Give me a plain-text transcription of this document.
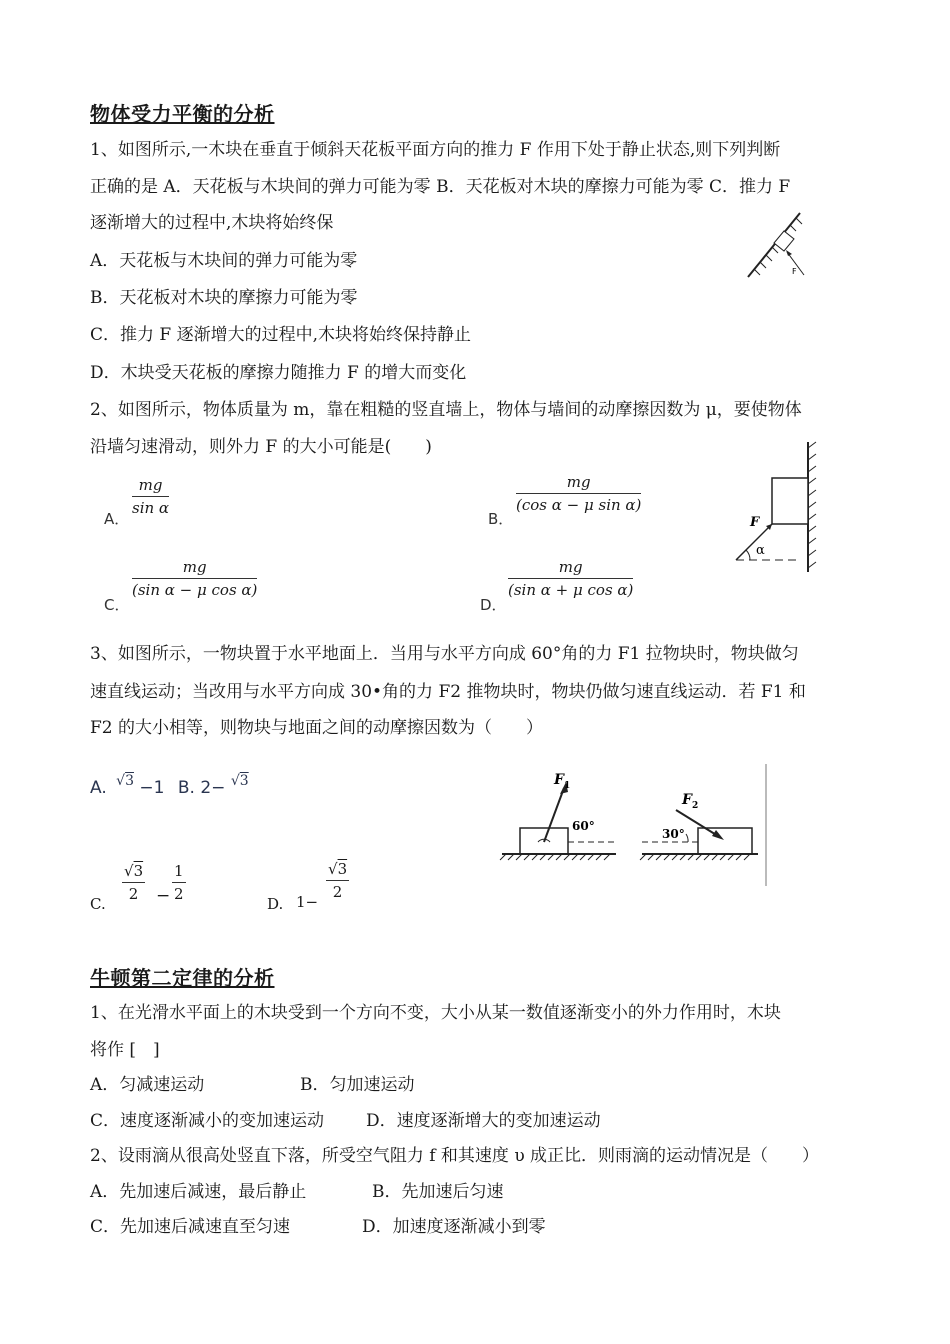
物体受力平衡的分析
1、如图所示,一木块在垂直于倾斜天花板平面方向的推力 F 作用下处于静止状态,则下列判断
正确的是 A．天花板与木块间的弹力可能为零 B．天花板对木块的摩擦力可能为零 C．推力 F
逐渐增大的过程中,木块将始终保
A．天花板与木块间的弹力可能为零
B．天花板对木块的摩擦力可能为零
C．推力 F 逐渐增大的过程中,木块将始终保持静止
D．木块受天花板的摩擦力随推力 F 的增大而变化
F
2、如图所示，物体质量为 m，靠在粗糙的竖直墙上，物体与墙间的动摩擦因数为 μ，要使物体
沿墙匀速滑动，则外力 F 的大小可能是(　　)
A．
$\frac{mg}{\text{sin α}}$
B．
$\frac{mg}{\text{(cos α − μ sin α)}}$
C．
$\frac{mg}{\text{(sin α − μ cos α)}}$
D．
$\frac{mg}{\text{(sin α + μ cos α)}}$
F
α
3、如图所示，一物块置于水平地面上．当用与水平方向成 60°角的力 F1 拉物块时，物块做匀
速直线运动；当改用与水平方向成 30•角的力 F2 推物块时，物块仍做匀速直线运动．若 F1 和
F2 的大小相等，则物块与地面之间的动摩擦因数为（　　）
A. $^{√3}$ −1 B. 2− $^{√3}$
C.
$\frac{√3}{2} - \frac{1}{2}$
D. 1−
$\frac{√3}{2}$
F 1
60°
F 2
30°
牛顿第二定律的分析
1、在光滑水平面上的木块受到一个方向不变，大小从某一数值逐渐变小的外力作用时，木块
将作 [　]
A．匀减速运动	B．匀加速运动
C．速度逐渐减小的变加速运动 D．速度逐渐增大的变加速运动
2、设雨滴从很高处竖直下落，所受空气阻力 f 和其速度 υ 成正比．则雨滴的运动情况是（　　）
A．先加速后减速，最后静止	B．先加速后匀速
C．先加速后减速直至匀速	D．加速度逐渐减小到零
